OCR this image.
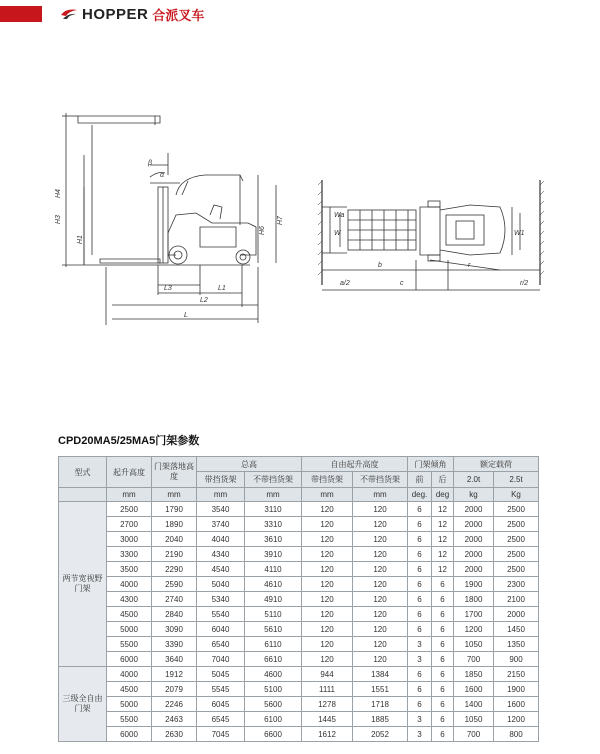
HOPPER 合派叉车
H4
H3
H1
H6
H7
β
α
L3	L1
L2
L
Wa
W	W1
b	r
c
a/2	r/2
CPD20MA5/25MA5门架参数
型式	起升高度	门架落地高度	总高		自由起升高度		门架倾角		额定载荷	
			带挡货架	不带挡货架	带挡货架	不带挡货架	前	后	2.0t	2.5t
	mm	mm	mm	mm	mm	mm	deg.	deg	kg	Kg
两节宽视野门架	2500	1790	3540	3110	120	120	6	12	2000	2500
	2700	1890	3740	3310	120	120	6	12	2000	2500
	3000	2040	4040	3610	120	120	6	12	2000	2500
	3300	2190	4340	3910	120	120	6	12	2000	2500
	3500	2290	4540	4110	120	120	6	12	2000	2500
	4000	2590	5040	4610	120	120	6	6	1900	2300
	4300	2740	5340	4910	120	120	6	6	1800	2100
	4500	2840	5540	5110	120	120	6	6	1700	2000
	5000	3090	6040	5610	120	120	6	6	1200	1450
	5500	3390	6540	6110	120	120	3	6	1050	1350
	6000	3640	7040	6610	120	120	3	6	700	900
三级全自由门架	4000	1912	5045	4600	944	1384	6	6	1850	2150
	4500	2079	5545	5100	1111	1551	6	6	1600	1900
	5000	2246	6045	5600	1278	1718	6	6	1400	1600
	5500	2463	6545	6100	1445	1885	3	6	1050	1200
	6000	2630	7045	6600	1612	2052	3	6	700	800
